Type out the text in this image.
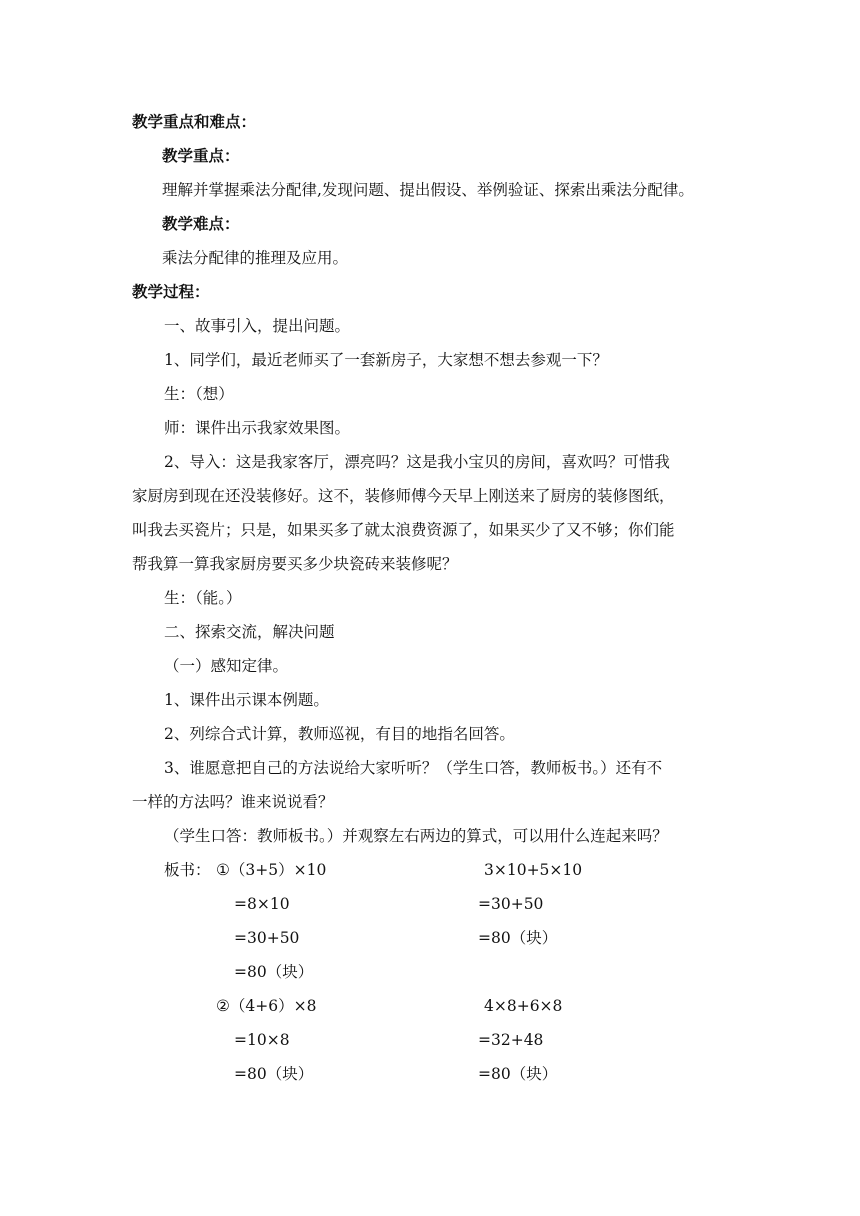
教学重点和难点：
教学重点：
理解并掌握乘法分配律,发现问题、提出假设、举例验证、探索出乘法分配律。
教学难点：
乘法分配律的推理及应用。
教学过程：
一、故事引入，提出问题。
1、同学们，最近老师买了一套新房子，大家想不想去参观一下？
生：（想）
师：课件出示我家效果图。
2、导入：这是我家客厅，漂亮吗？这是我小宝贝的房间，喜欢吗？可惜我
家厨房到现在还没装修好。这不，装修师傅今天早上刚送来了厨房的装修图纸，
叫我去买瓷片；只是，如果买多了就太浪费资源了，如果买少了又不够；你们能
帮我算一算我家厨房要买多少块瓷砖来装修呢？
生：（能。）
二、探索交流，解决问题
（一）感知定律。
1、课件出示课本例题。
2、列综合式计算，教师巡视，有目的地指名回答。
3、谁愿意把自己的方法说给大家听听？（学生口答，教师板书。）还有不
一样的方法吗？谁来说说看？
（学生口答：教师板书。）并观察左右两边的算式，可以用什么连起来吗？
板书： ①（3+5）×10
=8×10
=30+50
=80（块）
3×10+5×10
=30+50
=80（块）
②（4+6）×8
=10×8
=80（块）
4×8+6×8
=32+48
=80（块）
